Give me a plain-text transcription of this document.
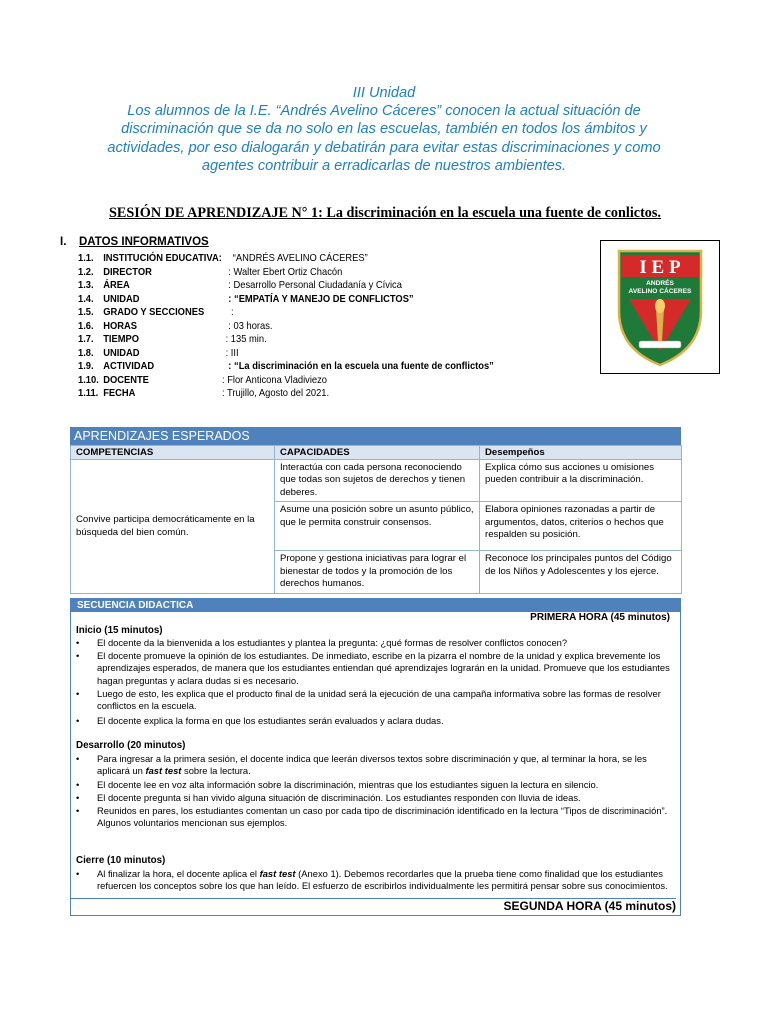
III Unidad
Los alumnos de la I.E. “Andrés Avelino Cáceres” conocen la actual situación de
discriminación que se da no solo en las escuelas, también en todos los ámbitos y
actividades, por eso dialogarán y debatirán para evitar estas discriminaciones y como
agentes contribuir a erradicarlas de nuestros ambientes.
SESIÓN DE APRENDIZAJE N° 1: La discriminación en la escuela una fuente de conlictos.
I. DATOS INFORMATIVOS
1.1. INSTITUCIÓN EDUCATIVA: “ANDRÉS AVELINO CÁCERES”
1.2. DIRECTOR	: Walter Ebert Ortiz Chacón
1.3. ÁREA	: Desarrollo Personal Ciudadanía y Cívica
1.4. UNIDAD	: “EMPATÍA Y MANEJO DE CONFLICTOS”
1.5. GRADO Y SECCIONES	:
1.6. HORAS	: 03 horas.
1.7. TIEMPO	: 135 min.
1.8. UNIDAD	: III
1.9. ACTIVIDAD	: “La discriminación en la escuela una fuente de conflictos”
1.10. DOCENTE	: Flor Anticona Vladiviezo
1.11. FECHA	: Trujillo, Agosto del 2021.
I E P
ANDRÉS
AVELINO CÁCERES
APRENDIZAJES ESPERADOS
COMPETENCIAS	CAPACIDADES	Desempeños
Convive participa democráticamente en la búsqueda del bien común.	Interactúa con cada persona reconociendo que todas son sujetos de derechos y tienen deberes.	Explica cómo sus acciones u omisiones pueden contribuir a la discriminación.
	Asume una posición sobre un asunto público, que le permita construir consensos.	Elabora opiniones razonadas a partir de argumentos, datos, criterios o hechos que respalden su posición.
	Propone y gestiona iniciativas para lograr el bienestar de todos y la promoción de los derechos humanos.	Reconoce los principales puntos del Código de los Niños y Adolescentes y los ejerce.
SECUENCIA DIDACTICA
PRIMERA HORA (45 minutos)
Inicio (15 minutos)
• El docente da la bienvenida a los estudiantes y plantea la pregunta: ¿qué formas de resolver conflictos conocen?
• El docente promueve la opinión de los estudiantes. De inmediato, escribe en la pizarra el nombre de la unidad y explica brevemente los aprendizajes esperados, de manera que los estudiantes entiendan qué aprendizajes lograrán en la unidad. Promueve que los estudiantes hagan preguntas y aclara dudas si es necesario.
• Luego de esto, les explica que el producto final de la unidad será la ejecución de una campaña informativa sobre las formas de resolver conflictos en la escuela.
• El docente explica la forma en que los estudiantes serán evaluados y aclara dudas.
Desarrollo (20 minutos)
• Para ingresar a la primera sesión, el docente indica que leerán diversos textos sobre discriminación y que, al terminar la hora, se les aplicará un fast test sobre la lectura.
• El docente lee en voz alta información sobre la discriminación, mientras que los estudiantes siguen la lectura en silencio.
• El docente pregunta si han vivido alguna situación de discriminación. Los estudiantes responden con lluvia de ideas.
• Reunidos en pares, los estudiantes comentan un caso por cada tipo de discriminación identificado en la lectura “Tipos de discriminación”. Algunos voluntarios mencionan sus ejemplos.
Cierre (10 minutos)
• Al finalizar la hora, el docente aplica el fast test (Anexo 1). Debemos recordarles que la prueba tiene como finalidad que los estudiantes refuercen los conceptos sobre los que han leído. El esfuerzo de escribirlos individualmente les permitirá pensar sobre sus conocimientos.
SEGUNDA HORA (45 minutos)
